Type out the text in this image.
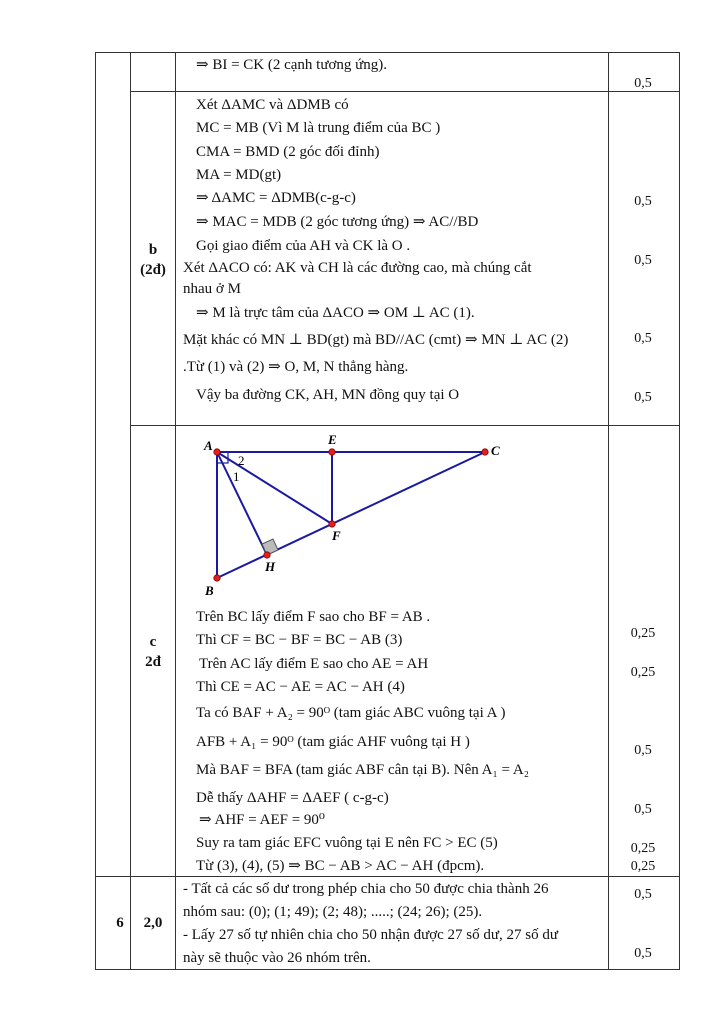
⇒ BI = CK (2 cạnh tương ứng).
0,5
b
(2đ)
Xét ΔAMC và ΔDMB có
MC = MB (Vì M là trung điểm của BC )
CMA = BMD (2 góc đối đỉnh)
MA = MD(gt)
⇒ ΔAMC = ΔDMB(c-g-c)
⇒ MAC = MDB (2 góc tương ứng) ⇒ AC//BD
Gọi giao điểm của AH và CK là O .
Xét ΔACO có: AK và CH là các đường cao, mà chúng cắt
nhau ở M
⇒ M là trực tâm của ΔACO ⇒ OM ⊥ AC (1).
Mặt khác có MN ⊥ BD(gt) mà BD//AC (cmt) ⇒ MN ⊥ AC (2)
.Từ (1) và (2) ⇒ O, M, N thẳng hàng.
Vậy ba đường CK, AH, MN đồng quy tại O
0,5
0,5
0,5
0,5
c
2đ
A	E
C
F
H
B
2
1
Trên BC lấy điểm F sao cho BF = AB .
Thì CF = BC − BF = BC − AB (3)
Trên AC lấy điểm E sao cho AE = AH
Thì CE = AC − AE = AC − AH (4)
Ta có BAF + A₂ = 90ᴼ (tam giác ABC vuông tại A )
AFB + A₁ = 90ᴼ (tam giác AHF vuông tại H )
Mà BAF = BFA (tam giác ABF cân tại B). Nên A₁ = A₂
Dễ thấy ΔAHF = ΔAEF ( c-g-c)
⇒ AHF = AEF = 90⁰
Suy ra tam giác EFC vuông tại E nên FC > EC (5)
Từ (3), (4), (5) ⇒ BC − AB > AC − AH (đpcm).
0,25
0,25
0,5
0,5
0,25
0,25
6	2,0
- Tất cả các số dư trong phép chia cho 50 được chia thành 26
nhóm sau: (0); (1; 49); (2; 48); .....; (24; 26); (25).
- Lấy 27 số tự nhiên chia cho 50 nhận được 27 số dư, 27 số dư
này sẽ thuộc vào 26 nhóm trên.
0,5
0,5
